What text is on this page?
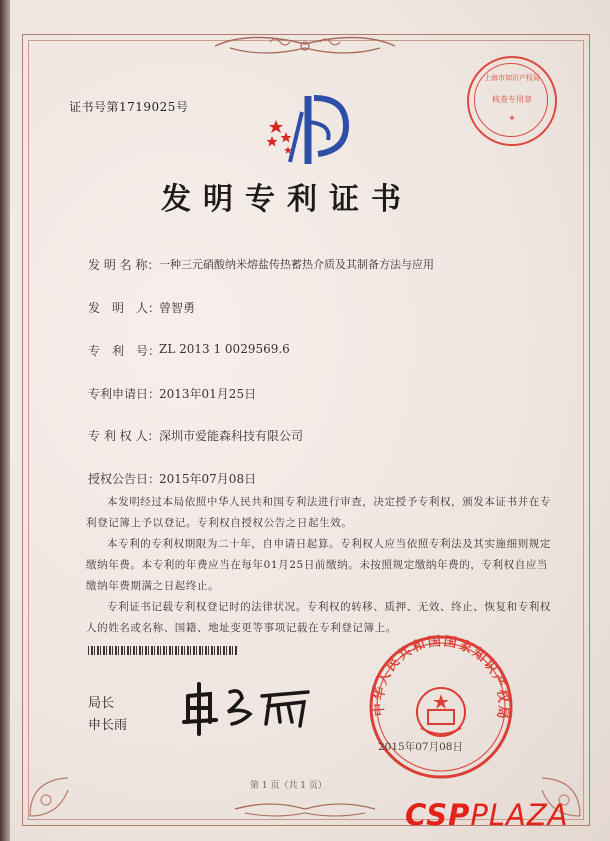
证书号第1719025号
上海市知识产权局
核查专用章
★
发明专利证书
发 明 名 称： 一种三元硝酸纳米熔盐传热蓄热介质及其制备方法与应用
发　明　人：
曾智勇
专　利　号：
ZL 2013 1 0029569.6
专利申请日：
2013年01月25日
专 利 权 人： 深圳市爱能森科技有限公司
授权公告日：
2015年07月08日
本发明经过本局依照中华人民共和国专利法进行审查，决定授予专利权，颁发本证书并在专利登记簿上予以登记。专利权自授权公告之日起生效。
本专利的专利权期限为二十年，自申请日起算。专利权人应当依照专利法及其实施细则规定缴纳年费。本专利的年费应当在每年01月25日前缴纳。未按照规定缴纳年费的，专利权自应当缴纳年费期满之日起终止。
专利证书记载专利权登记时的法律状况。专利权的转移、质押、无效、终止、恢复和专利权人的姓名或名称、国籍、地址变更等事项记载在专利登记簿上。
局长
申长雨
中华人民共和国国家知识产权局
2015年07月08日
第 1 页（共 1 页）
CSPPLAZA
